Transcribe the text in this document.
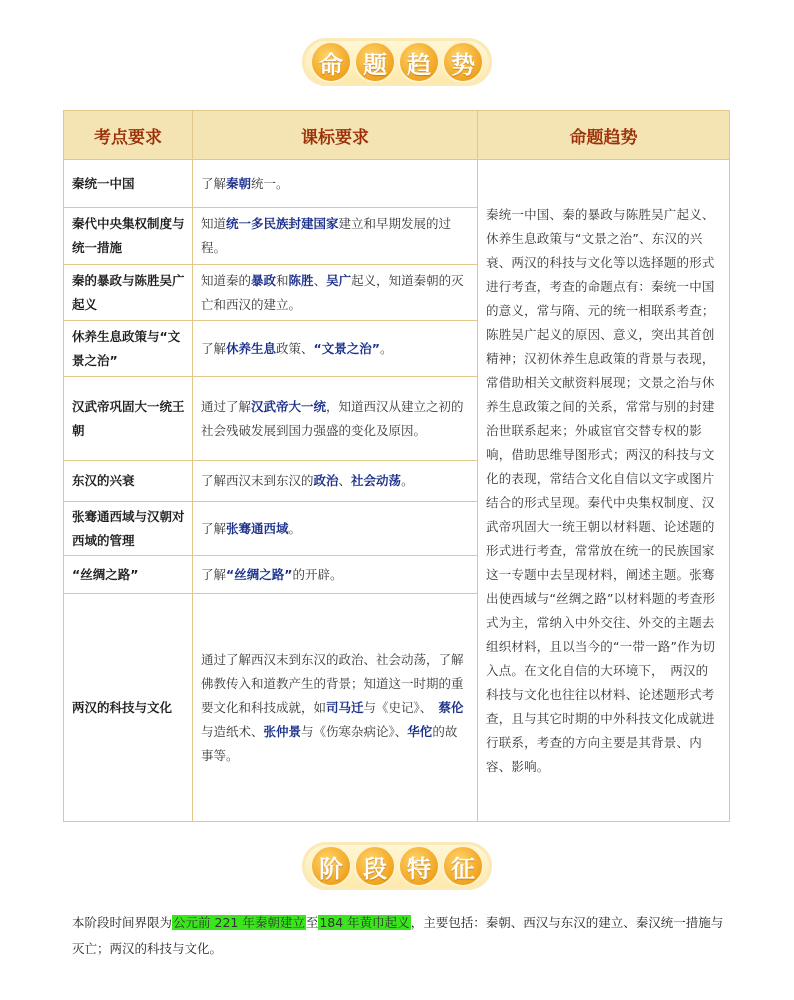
命 题 趋 势
考点要求	课标要求	命题趋势
秦统一中国	了解秦朝统一。	秦统一中国、秦的暴政与陈胜吴广起义、休养生息政策与“文景之治”、东汉的兴衰、两汉的科技与文化等以选择题的形式进行考查，考查的命题点有：秦统一中国的意义，常与隋、元的统一相联系考查；陈胜吴广起义的原因、意义，突出其首创精神；汉初休养生息政策的背景与表现，常借助相关文献资料展现；文景之治与休养生息政策之间的关系，常常与别的封建治世联系起来；外戚宦官交替专权的影响，借助思维导图形式；两汉的科技与文化的表现，常结合文化自信以文字或图片结合的形式呈现。秦代中央集权制度、汉武帝巩固大一统王朝以材料题、论述题的形式进行考查，常常放在统一的民族国家这一专题中去呈现材料，阐述主题。张骞出使西域与“丝绸之路”以材料题的考查形式为主，常纳入中外交往、外交的主题去组织材料，且以当今的“一带一路”作为切入点。在文化自信的大环境下，　两汉的科技与文化也往往以材料、论述题形式考查，且与其它时期的中外科技文化成就进行联系，考查的方向主要是其背景、内容、影响。
秦代中央集权制度与统一措施	知道统一多民族封建国家建立和早期发展的过程。	
秦的暴政与陈胜吴广起义	知道秦的暴政和陈胜、吴广起义，知道秦朝的灭亡和西汉的建立。	
休养生息政策与“文景之治”	了解休养生息政策、“文景之治”。	
汉武帝巩固大一统王朝	通过了解汉武帝大一统，知道西汉从建立之初的社会残破发展到国力强盛的变化及原因。	
东汉的兴衰	了解西汉末到东汉的政治、社会动荡。	
张骞通西域与汉朝对西域的管理	了解张骞通西域。	
“丝绸之路”	了解“丝绸之路”的开辟。	
两汉的科技与文化	通过了解西汉末到东汉的政治、社会动荡，了解佛教传入和道教产生的背景；知道这一时期的重要文化和科技成就，如司马迁与《史记》、　蔡伦与造纸术、张仲景与《伤寒杂病论》、华佗的故事等。	
阶 段 特 征
本阶段时间界限为公元前 221 年秦朝建立至184 年黄巾起义，主要包括：秦朝、西汉与东汉的建立、秦汉统一措施与灭亡；两汉的科技与文化。
